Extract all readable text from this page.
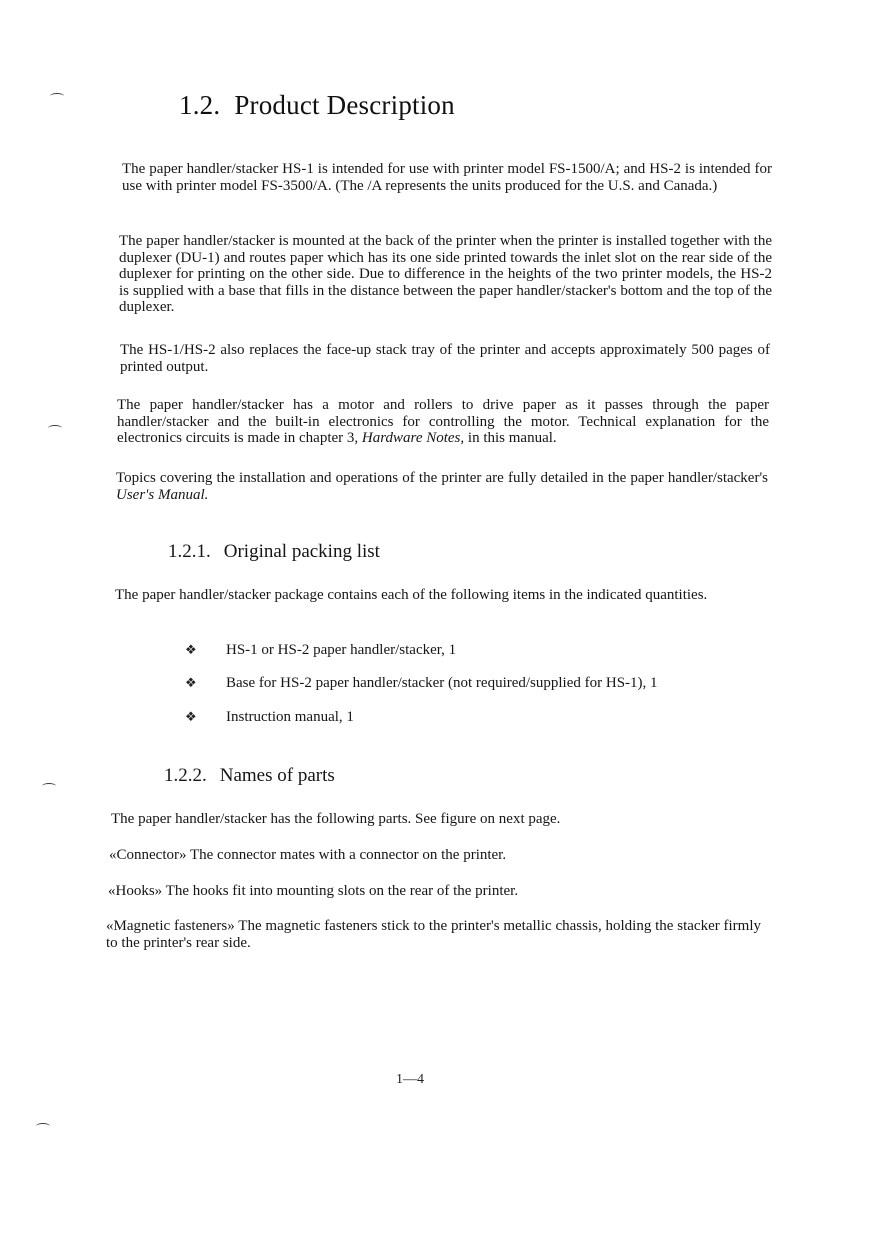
1.2. Product Description
The paper handler/stacker HS-1 is intended for use with printer model FS-1500/A; and HS-2 is intended for use with printer model FS-3500/A. (The /A represents the units produced for the U.S. and Canada.)
The paper handler/stacker is mounted at the back of the printer when the printer is installed together with the duplexer (DU-1) and routes paper which has its one side printed towards the inlet slot on the rear side of the duplexer for printing on the other side. Due to difference in the heights of the two printer models, the HS-2 is supplied with a base that fills in the distance between the paper handler/stacker's bottom and the top of the duplexer.
The HS-1/HS-2 also replaces the face-up stack tray of the printer and accepts approximately 500 pages of printed output.
The paper handler/stacker has a motor and rollers to drive paper as it passes through the paper handler/stacker and the built-in electronics for controlling the motor. Technical explanation for the electronics circuits is made in chapter 3, Hardware Notes, in this manual.
Topics covering the installation and operations of the printer are fully detailed in the paper handler/stacker's User's Manual.
1.2.1. Original packing list
The paper handler/stacker package contains each of the following items in the indicated quantities.
❖ HS-1 or HS-2 paper handler/stacker, 1
❖ Base for HS-2 paper handler/stacker (not required/supplied for HS-1), 1
❖ Instruction manual, 1
1.2.2. Names of parts
The paper handler/stacker has the following parts. See figure on next page.
«Connector» The connector mates with a connector on the printer.
«Hooks» The hooks fit into mounting slots on the rear of the printer.
«Magnetic fasteners» The magnetic fasteners stick to the printer's metallic chassis, holding the stacker firmly to the printer's rear side.
1—4
